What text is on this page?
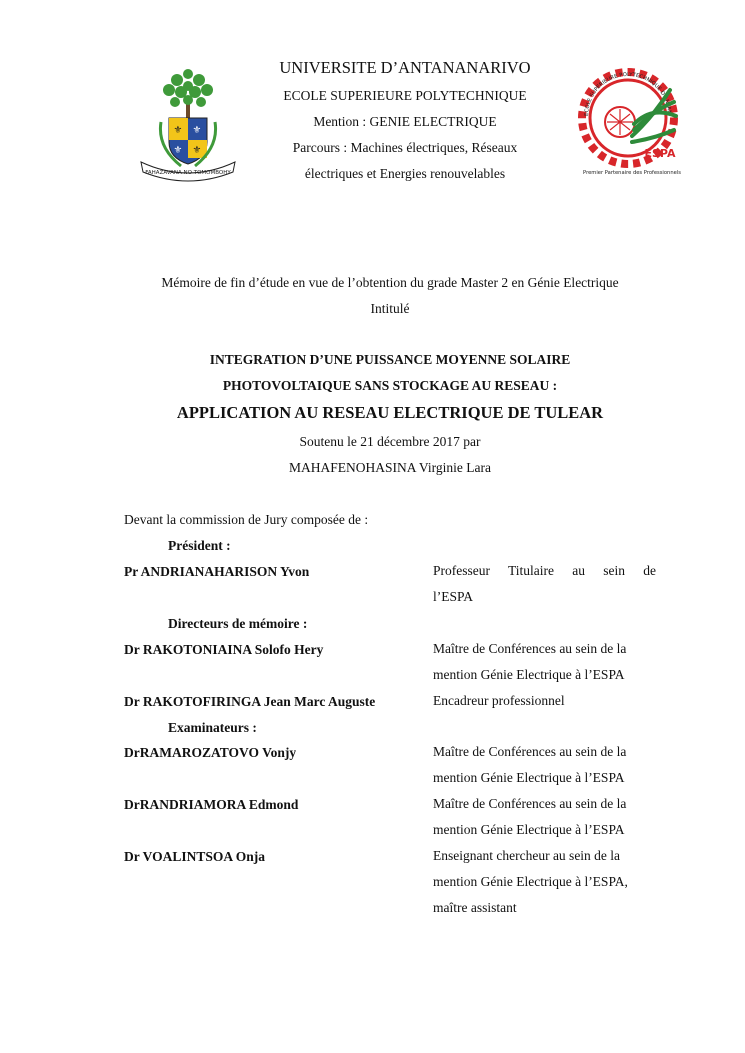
⚜ ⚜
⚜ ⚜
FAHAZAVANA NO TOMOMBOHY
UNIVERSITE D’ANTANANARIVO
ECOLE SUPERIEURE POLYTECHNIQUE
Mention : GENIE ELECTRIQUE
Parcours : Machines électriques, Réseaux
électriques et Energies renouvelables
ECOLE SUPERIEURE POLYTECHNIQUE D'ANTAN
ESPA
Premier Partenaire des Professionnels
Mémoire de fin d’étude en vue de l’obtention du grade Master 2 en Génie Electrique
Intitulé
INTEGRATION D’UNE PUISSANCE MOYENNE SOLAIRE
PHOTOVOLTAIQUE SANS STOCKAGE AU RESEAU :
APPLICATION AU RESEAU ELECTRIQUE DE TULEAR
Soutenu le 21 décembre 2017 par
MAHAFENOHASINA Virginie Lara
Devant la commission de Jury composée de :
Président :
Pr ANDRIANAHARISON Yvon	Professeur Titulaire au sein de
l’ESPA
Directeurs de mémoire :
Dr RAKOTONIAINA Solofo Hery	Maître de Conférences au sein de la
mention Génie Electrique à l’ESPA
Dr RAKOTOFIRINGA Jean Marc Auguste	Encadreur professionnel
Examinateurs :
DrRAMAROZATOVO Vonjy	Maître de Conférences au sein de la
mention Génie Electrique à l’ESPA
DrRANDRIAMORA Edmond	Maître de Conférences au sein de la
mention Génie Electrique à l’ESPA
Dr VOALINTSOA Onja	Enseignant chercheur au sein de la
mention Génie Electrique à l’ESPA,
maître assistant
